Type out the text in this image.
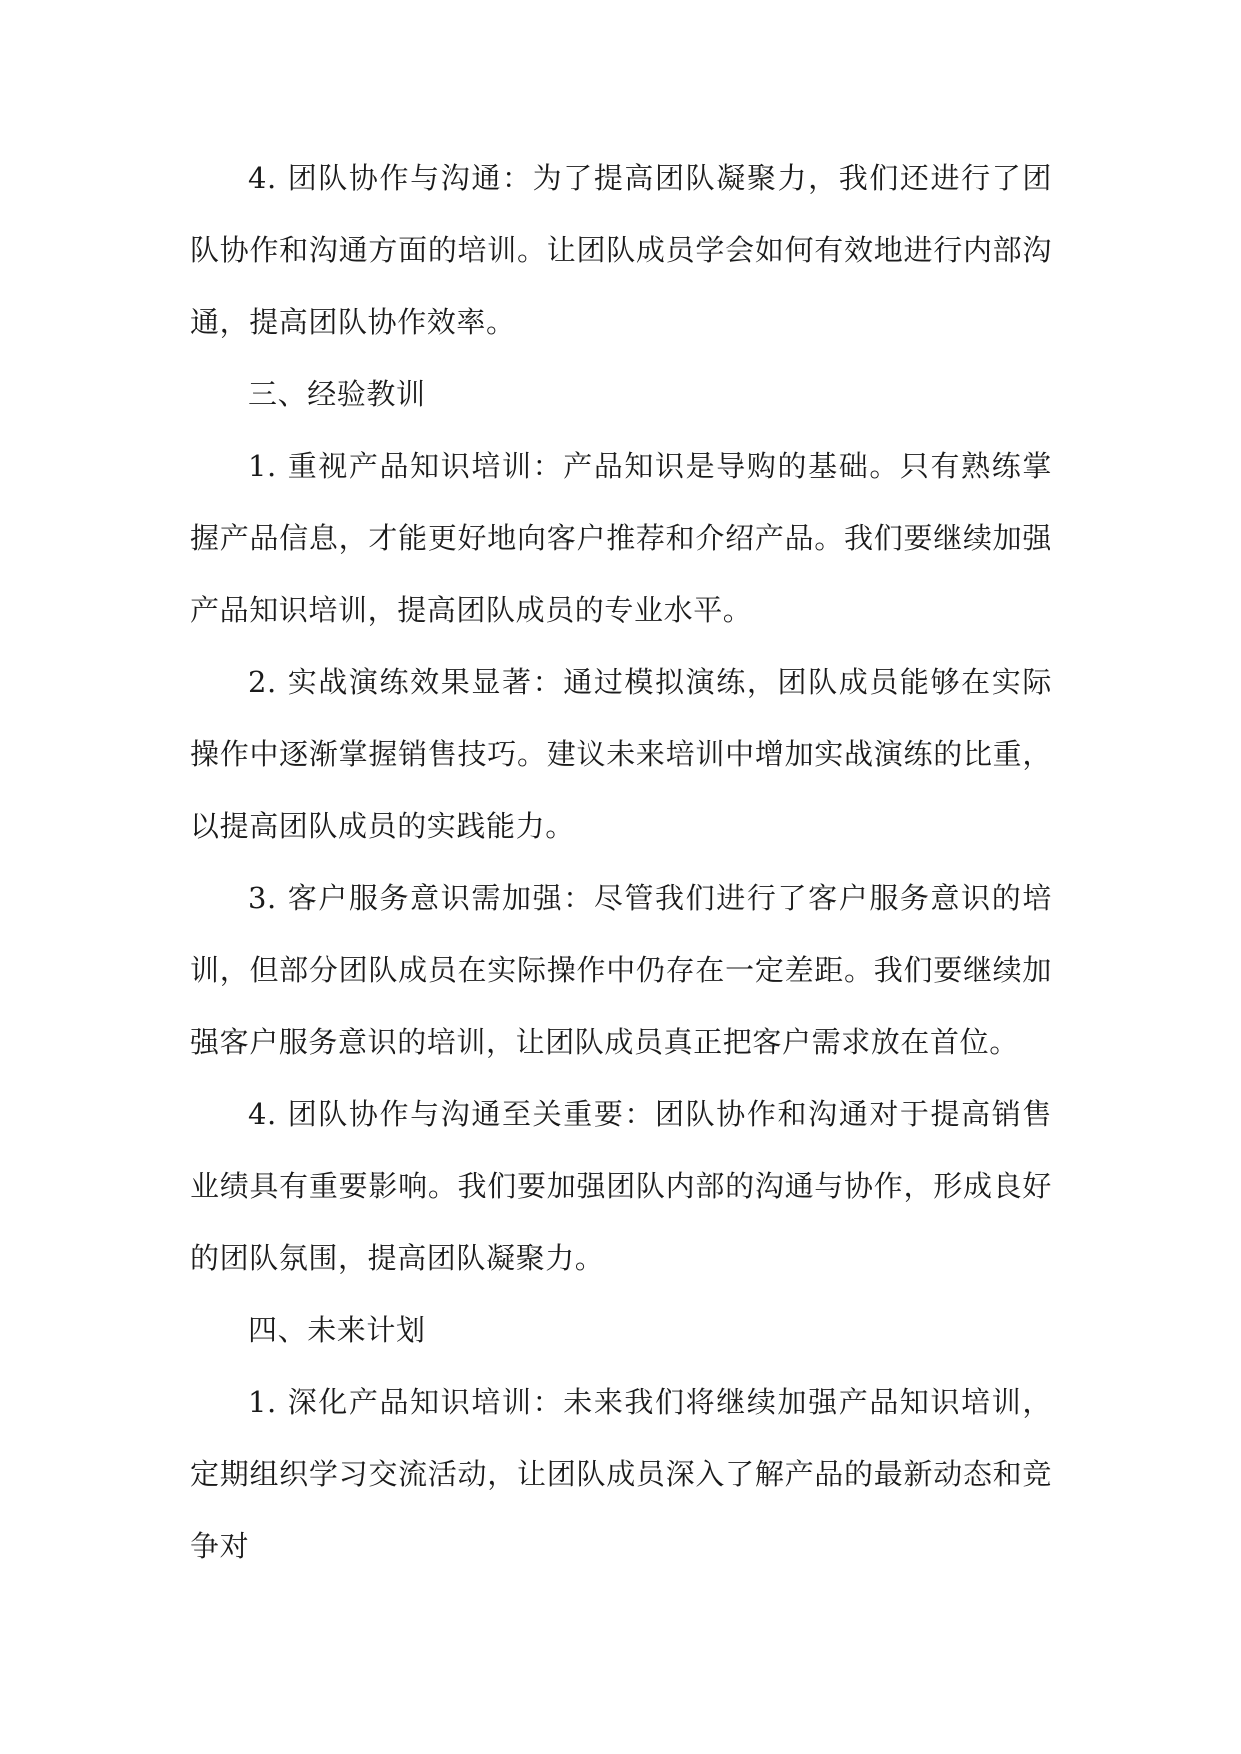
4. 团队协作与沟通：为了提高团队凝聚力，我们还进行了团队协作和沟通方面的培训。让团队成员学会如何有效地进行内部沟通，提高团队协作效率。

三、经验教训

1. 重视产品知识培训：产品知识是导购的基础。只有熟练掌握产品信息，才能更好地向客户推荐和介绍产品。我们要继续加强产品知识培训，提高团队成员的专业水平。

2. 实战演练效果显著：通过模拟演练，团队成员能够在实际操作中逐渐掌握销售技巧。建议未来培训中增加实战演练的比重，以提高团队成员的实践能力。

3. 客户服务意识需加强：尽管我们进行了客户服务意识的培训，但部分团队成员在实际操作中仍存在一定差距。我们要继续加强客户服务意识的培训，让团队成员真正把客户需求放在首位。

4. 团队协作与沟通至关重要：团队协作和沟通对于提高销售业绩具有重要影响。我们要加强团队内部的沟通与协作，形成良好的团队氛围，提高团队凝聚力。

四、未来计划

1. 深化产品知识培训：未来我们将继续加强产品知识培训，定期组织学习交流活动，让团队成员深入了解产品的最新动态和竞争对
